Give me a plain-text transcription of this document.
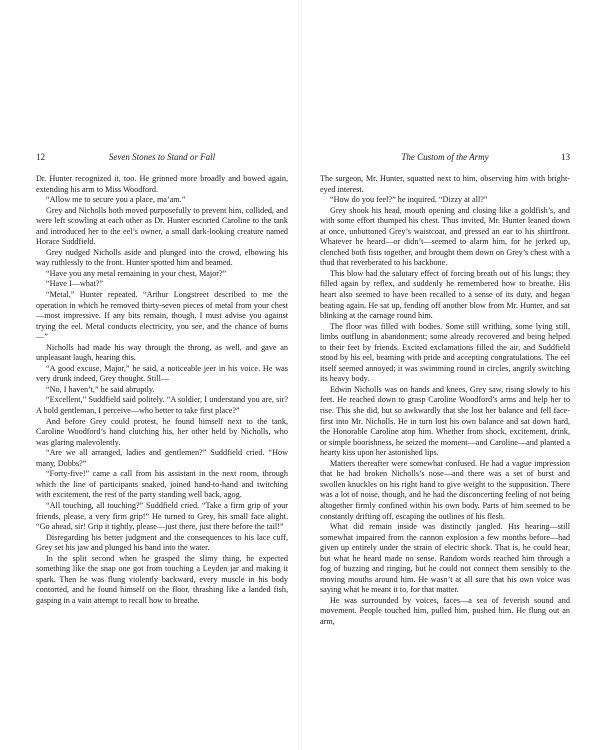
12	Seven Stones to Stand or Fall

Dr. Hunter recognized it, too. He grinned more broadly and bowed again, extending his arm to Miss Woodford.

“Allow me to secure you a place, ma’am.”

Grey and Nicholls both moved purposefully to prevent him, collided, and were left scowling at each other as Dr. Hunter escorted Caroline to the tank and introduced her to the eel’s owner, a small dark-looking creature named Horace Suddfield.

Grey nudged Nicholls aside and plunged into the crowd, elbowing his way ruthlessly to the front. Hunter spotted him and beamed.

“Have you any metal remaining in your chest, Major?”

“Have I—what?”

“Metal,” Hunter repeated. “Arthur Longstreet described to me the operation in which he removed thirty-seven pieces of metal from your chest—most impressive. If any bits remain, though, I must advise you against trying the eel. Metal conducts electricity, you see, and the chance of burns—”

Nicholls had made his way through the throng, as well, and gave an unpleasant laugh, hearing this.

“A good excuse, Major,” he said, a noticeable jeer in his voice. He was very drunk indeed, Grey thought. Still—

“No, I haven’t,” he said abruptly.

“Excellent,” Suddfield said politely. “A soldier, I understand you are, sir? A bold gentleman, I perceive—who better to take first place?”

And before Grey could protest, he found himself next to the tank, Caroline Woodford’s hand clutching his, her other held by Nicholls, who was glaring malevolently.

“Are we all arranged, ladies and gentlemen?” Suddfield cried. “How many, Dobbs?”

“Forty-five!” came a call from his assistant in the next room, through which the line of participants snaked, joined hand-to-hand and twitching with excitement, the rest of the party standing well back, agog.

“All touching, all touching?” Suddfield cried. “Take a firm grip of your friends, please, a very firm grip!” He turned to Grey, his small face alight. “Go ahead, sir! Grip it tightly, please—just there, just there before the tail!”

Disregarding his better judgment and the consequences to his lace cuff, Grey set his jaw and plunged his hand into the water.

In the split second when he grasped the slimy thing, he expected something like the snap one got from touching a Leyden jar and making it spark. Then he was flung violently backward, every muscle in his body contorted, and he found himself on the floor, thrashing like a landed fish, gasping in a vain attempt to recall how to breathe.

The Custom of the Army	13

The surgeon, Mr. Hunter, squatted next to him, observing him with bright-eyed interest.

“How do you feel?” he inquired. “Dizzy at all?”

Grey shook his head, mouth opening and closing like a goldfish’s, and with some effort thumped his chest. Thus invited, Mr. Hunter leaned down at once, unbuttoned Grey’s waistcoat, and pressed an ear to his shirtfront. Whatever he heard—or didn’t—seemed to alarm him, for he jerked up, clenched both fists together, and brought them down on Grey’s chest with a thud that reverberated to his backbone.

This blow had the salutary effect of forcing breath out of his lungs; they filled again by reflex, and suddenly he remembered how to breathe. His heart also seemed to have been recalled to a sense of its duty, and began beating again. He sat up, fending off another blow from Mr. Hunter, and sat blinking at the carnage round him.

The floor was filled with bodies. Some still writhing, some lying still, limbs outflung in abandonment; some already recovered and being helped to their feet by friends. Excited exclamations filled the air, and Suddfield stood by his eel, beaming with pride and accepting congratulations. The eel itself seemed annoyed; it was swimming round in circles, angrily switching its heavy body.

Edwin Nicholls was on hands and knees, Grey saw, rising slowly to his feet. He reached down to grasp Caroline Woodford’s arms and help her to rise. This she did, but so awkwardly that she lost her balance and fell face-first into Mr. Nicholls. He in turn lost his own balance and sat down hard, the Honorable Caroline atop him. Whether from shock, excitement, drink, or simple boorishness, he seized the moment—and Caroline—and planted a hearty kiss upon her astonished lips.

Matters thereafter were somewhat confused. He had a vague impression that he had broken Nicholls’s nose—and there was a set of burst and swollen knuckles on his right hand to give weight to the supposition. There was a lot of noise, though, and he had the disconcerting feeling of not being altogether firmly confined within his own body. Parts of him seemed to be constantly drifting off, escaping the outlines of his flesh.

What did remain inside was distinctly jangled. His hearing—still somewhat impaired from the cannon explosion a few months before—had given up entirely under the strain of electric shock. That is, he could hear, but what he heard made no sense. Random words reached him through a fog of buzzing and ringing, but he could not connect them sensibly to the moving mouths around him. He wasn’t at all sure that his own voice was saying what he meant it to, for that matter.

He was surrounded by voices, faces—a sea of feverish sound and movement. People touched him, pulled him, pushed him. He flung out an arm,
